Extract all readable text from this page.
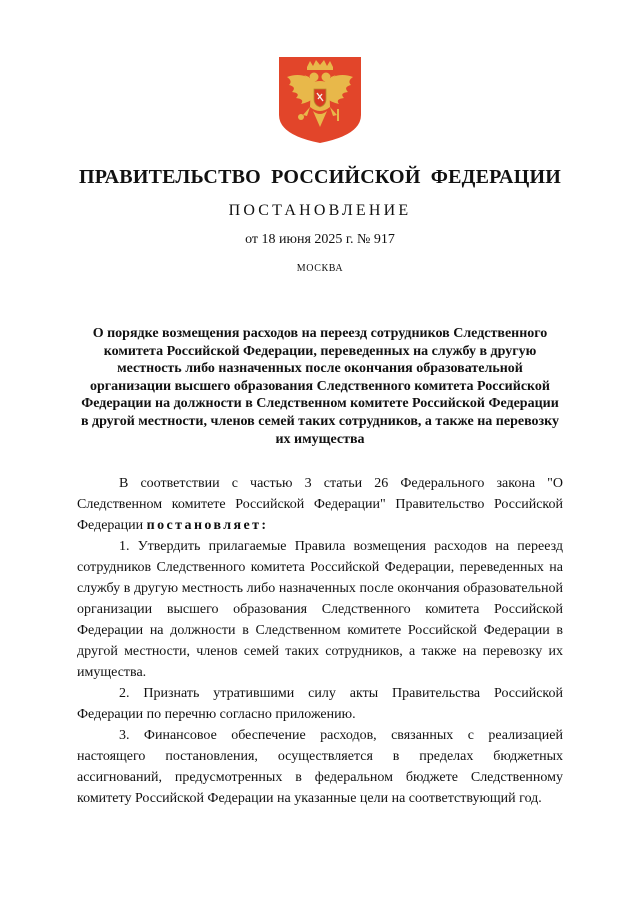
ПРАВИТЕЛЬСТВО РОССИЙСКОЙ ФЕДЕРАЦИИ
ПОСТАНОВЛЕНИЕ
от 18 июня 2025 г. № 917
МОСКВА
О порядке возмещения расходов на переезд сотрудников Следственного комитета Российской Федерации, переведенных на службу в другую местность либо назначенных после окончания образовательной организации высшего образования Следственного комитета Российской Федерации на должности в Следственном комитете Российской Федерации в другой местности, членов семей таких сотрудников, а также на перевозку их имущества

В соответствии с частью 3 статьи 26 Федерального закона "О Следственном комитете Российской Федерации" Правительство Российской Федерации постановляет:

1. Утвердить прилагаемые Правила возмещения расходов на переезд сотрудников Следственного комитета Российской Федерации, переведенных на службу в другую местность либо назначенных после окончания образовательной организации высшего образования Следственного комитета Российской Федерации на должности в Следственном комитете Российской Федерации в другой местности, членов семей таких сотрудников, а также на перевозку их имущества.

2. Признать утратившими силу акты Правительства Российской Федерации по перечню согласно приложению.

3. Финансовое обеспечение расходов, связанных с реализацией настоящего постановления, осуществляется в пределах бюджетных ассигнований, предусмотренных в федеральном бюджете Следственному комитету Российской Федерации на указанные цели на соответствующий год.
